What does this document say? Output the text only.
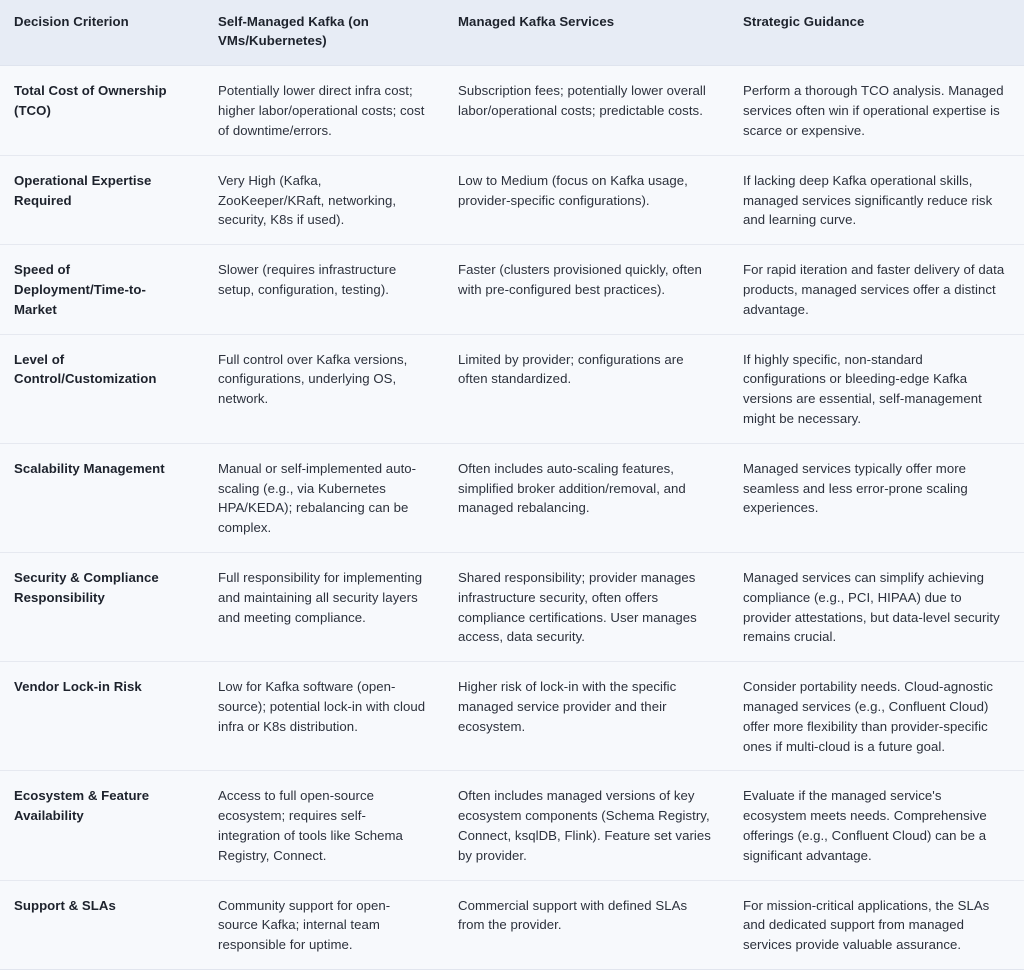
Decision Criterion	Self-Managed Kafka (on VMs/Kubernetes)	Managed Kafka Services	Strategic Guidance
Total Cost of Ownership (TCO)	Potentially lower direct infra cost; higher labor/operational costs; cost of downtime/errors.	Subscription fees; potentially lower overall labor/operational costs; predictable costs.	Perform a thorough TCO analysis. Managed services often win if operational expertise is scarce or expensive.
Operational Expertise Required	Very High (Kafka, ZooKeeper/KRaft, networking, security, K8s if used).	Low to Medium (focus on Kafka usage, provider-specific configurations).	If lacking deep Kafka operational skills, managed services significantly reduce risk and learning curve.
Speed of Deployment/Time-to-Market	Slower (requires infrastructure setup, configuration, testing).	Faster (clusters provisioned quickly, often with pre-configured best practices).	For rapid iteration and faster delivery of data products, managed services offer a distinct advantage.
Level of Control/Customization	Full control over Kafka versions, configurations, underlying OS, network.	Limited by provider; configurations are often standardized.	If highly specific, non-standard configurations or bleeding-edge Kafka versions are essential, self-management might be necessary.
Scalability Management	Manual or self-implemented auto-scaling (e.g., via Kubernetes HPA/KEDA); rebalancing can be complex.	Often includes auto-scaling features, simplified broker addition/removal, and managed rebalancing.	Managed services typically offer more seamless and less error-prone scaling experiences.
Security & Compliance Responsibility	Full responsibility for implementing and maintaining all security layers and meeting compliance.	Shared responsibility; provider manages infrastructure security, often offers compliance certifications. User manages access, data security.	Managed services can simplify achieving compliance (e.g., PCI, HIPAA) due to provider attestations, but data-level security remains crucial.
Vendor Lock-in Risk	Low for Kafka software (open-source); potential lock-in with cloud infra or K8s distribution.	Higher risk of lock-in with the specific managed service provider and their ecosystem.	Consider portability needs. Cloud-agnostic managed services (e.g., Confluent Cloud) offer more flexibility than provider-specific ones if multi-cloud is a future goal.
Ecosystem & Feature Availability	Access to full open-source ecosystem; requires self-integration of tools like Schema Registry, Connect.	Often includes managed versions of key ecosystem components (Schema Registry, Connect, ksqlDB, Flink). Feature set varies by provider.	Evaluate if the managed service's ecosystem meets needs. Comprehensive offerings (e.g., Confluent Cloud) can be a significant advantage.
Support & SLAs	Community support for open-source Kafka; internal team responsible for uptime.	Commercial support with defined SLAs from the provider.	For mission-critical applications, the SLAs and dedicated support from managed services provide valuable assurance.
